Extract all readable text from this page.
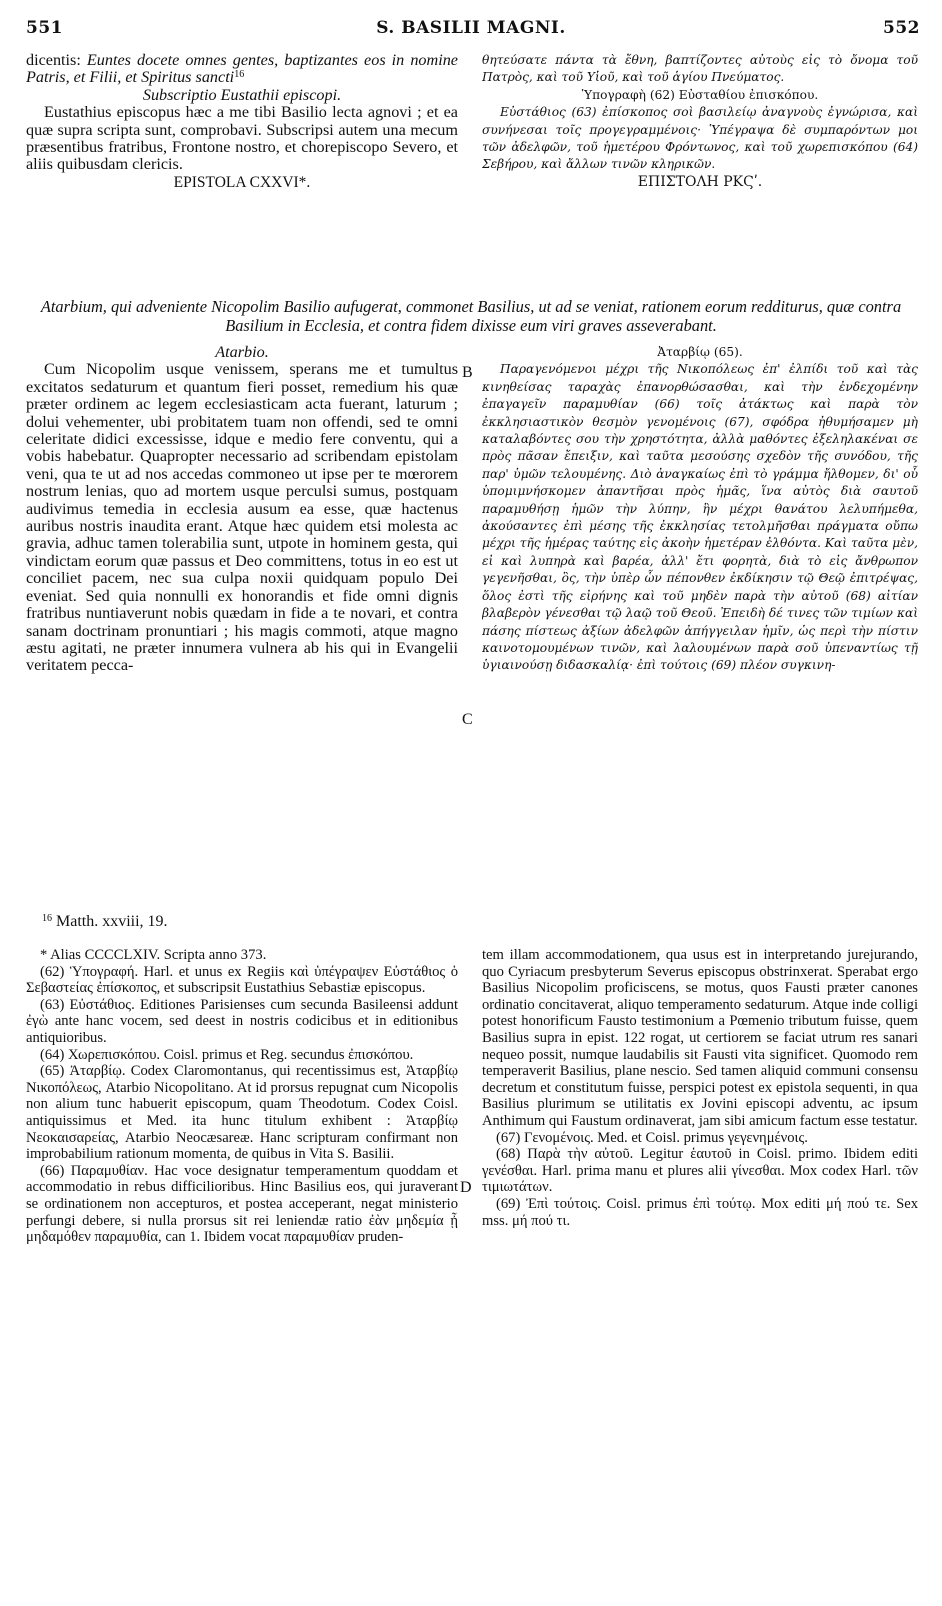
551	S. BASILII MAGNI.	552

dicentis: Euntes docete omnes gentes, baptizantes eos in nomine Patris, et Filii, et Spiritus sancti$^{16}$

Subscriptio Eustathii episcopi.

Eustathius episcopus hæc a me tibi Basilio lecta agnovi ; et ea quæ supra scripta sunt, comprobavi. Subscripsi autem una mecum præsentibus fratribus, Frontone nostro, et chorepiscopo Severo, et aliis quibusdam clericis.

EPISTOLA CXXVI*.

θητεύσατε πάντα τὰ ἔθνη, βαπτίζοντες αὐτοὺς εἰς τὸ ὄνομα τοῦ Πατρὸς, καὶ τοῦ Υἱοῦ, καὶ τοῦ ἁγίου Πνεύματος.

Ὑπογραφὴ (62) Εὐσταθίου ἐπισκόπου.

Εὐστάθιος (63) ἐπίσκοπος σοὶ βασιλείῳ ἀναγνοὺς ἐγνώρισα, καὶ συνήνεσαι τοῖς προγεγραμμένοις· Ὑπέγραψα δὲ συμπαρόντων μοι τῶν ἀδελφῶν, τοῦ ἡμετέρου Φρόντωνος, καὶ τοῦ χωρεπισκόπου (64) Σεβήρου, καὶ ἄλλων τινῶν κληρικῶν.

ΕΠΙΣΤΟΛΗ ΡΚϚʹ.

Atarbium, qui adveniente Nicopolim Basilio aufugerat, commonet Basilius, ut ad se veniat, rationem eorum redditurus, quæ contra Basilium in Ecclesia, et contra fidem dixisse eum viri graves asseverabant.

Atarbio.

Cum Nicopolim usque venissem, sperans me et tumultus excitatos sedaturum et quantum fieri posset, remedium his quæ præter ordinem ac legem ecclesiasticam acta fuerant, laturum ; dolui vehementer, ubi probitatem tuam non offendi, sed te omni celeritate didici excessisse, idque e medio fere conventu, qui a vobis habebatur. Quapropter necessario ad scribendam epistolam veni, qua te ut ad nos accedas commoneo ut ipse per te mœrorem nostrum lenias, quo ad mortem usque perculsi sumus, postquam audivimus temedia in ecclesia ausum ea esse, quæ hactenus auribus nostris inaudita erant. Atque hæc quidem etsi molesta ac gravia, adhuc tamen tolerabilia sunt, utpote in hominem gesta, qui vindictam eorum quæ passus et Deo committens, totus in eo est ut conciliet pacem, nec sua culpa noxii quidquam populo Dei eveniat. Sed quia nonnulli ex honorandis et fide omni dignis fratribus nuntiaverunt nobis quædam in fide a te novari, et contra sanam doctrinam pronuntiari ; his magis commoti, atque magno æstu agitati, ne præter innumera vulnera ab his qui in Evangelii veritatem pecca-

Ἀταρβίῳ (65).

Παραγενόμενοι μέχρι τῆς Νικοπόλεως ἐπ' ἐλπίδι τοῦ καὶ τὰς κινηθείσας ταραχὰς ἐπανορθώσασθαι, καὶ τὴν ἐνδεχομένην ἐπαγαγεῖν παραμυθίαν (66) τοῖς ἀτάκτως καὶ παρὰ τὸν ἐκκλησιαστικὸν θεσμὸν γενομένοις (67), σφόδρα ἠθυμήσαμεν μὴ καταλαβόντες σου τὴν χρηστότητα, ἀλλὰ μαθόντες ἐξεληλακέναι σε πρὸς πᾶσαν ἔπειξιν, καὶ ταῦτα μεσούσης σχεδὸν τῆς συνόδου, τῆς παρ' ὑμῶν τελουμένης. Διὸ ἀναγκαίως ἐπὶ τὸ γράμμα ἤλθομεν, δι' οὗ ὑπομιμνήσκομεν ἀπαντῆσαι πρὸς ἡμᾶς, ἵνα αὐτὸς διὰ σαυτοῦ παραμυθήσῃ ἡμῶν τὴν λύπην, ἣν μέχρι θανάτου λελυπήμεθα, ἀκούσαντες ἐπὶ μέσης τῆς ἐκκλησίας τετολμῆσθαι πράγματα οὔπω μέχρι τῆς ἡμέρας ταύτης εἰς ἀκοὴν ἡμετέραν ἐλθόντα. Καὶ ταῦτα μὲν, εἰ καὶ λυπηρὰ καὶ βαρέα, ἀλλ' ἔτι φορητὰ, διὰ τὸ εἰς ἄνθρωπον γεγενῆσθαι, ὃς, τὴν ὑπὲρ ὧν πέπονθεν ἐκδίκησιν τῷ Θεῷ ἐπιτρέψας, ὅλος ἐστὶ τῆς εἰρήνης καὶ τοῦ μηδὲν παρὰ τὴν αὐτοῦ (68) αἰτίαν βλαβερὸν γένεσθαι τῷ λαῷ τοῦ Θεοῦ. Ἐπειδὴ δέ τινες τῶν τιμίων καὶ πάσης πίστεως ἀξίων ἀδελφῶν ἀπήγγειλαν ἡμῖν, ὡς περὶ τὴν πίστιν καινοτομουμένων τινῶν, καὶ λαλουμένων παρὰ σοῦ ὑπεναντίως τῇ ὑγιαινούσῃ διδασκαλίᾳ· ἐπὶ τούτοις (69) πλέον συγκινη-

B
C
D
$^{16}$ Matth. xxviii, 19.

* Alias CCCCLXIV. Scripta anno 373.

(62) Ὑπογραφή. Harl. et unus ex Regiis καὶ ὑπέγραψεν Εὐστάθιος ὁ Σεβαστείας ἐπίσκοπος, et subscripsit Eustathius Sebastiæ episcopus.

(63) Εὐστάθιος. Editiones Parisienses cum secunda Basileensi addunt ἐγὼ ante hanc vocem, sed deest in nostris codicibus et in editionibus antiquioribus.

(64) Χωρεπισκόπου. Coisl. primus et Reg. secundus ἐπισκόπου.

(65) Ἀταρβίῳ. Codex Claromontanus, qui recentissimus est, Ἀταρβίῳ Νικοπόλεως, Atarbio Nicopolitano. At id prorsus repugnat cum Nicopolis non alium tunc habuerit episcopum, quam Theodotum. Codex Coisl. antiquissimus et Med. ita hunc titulum exhibent : Ἀταρβίῳ Νεοκαισαρείας, Atarbio Neocæsareæ. Hanc scripturam confirmant non improbabilium rationum momenta, de quibus in Vita S. Basilii.

(66) Παραμυθίαν. Hac voce designatur temperamentum quoddam et accommodatio in rebus difficilioribus. Hinc Basilius eos, qui juraverant se ordinationem non accepturos, et postea acceperant, negat ministerio perfungi debere, si nulla prorsus sit rei leniendæ ratio ἐὰν μηδεμία ᾖ μηδαμόθεν παραμυθία, can 1. Ibidem vocat παραμυθίαν pruden-

tem illam accommodationem, qua usus est in interpretando jurejurando, quo Cyriacum presbyterum Severus episcopus obstrinxerat. Sperabat ergo Basilius Nicopolim proficiscens, se motus, quos Fausti præter canones ordinatio concitaverat, aliquo temperamento sedaturum. Atque inde colligi potest honorificum Fausto testimonium a Pœmenio tributum fuisse, quem Basilius supra in epist. 122 rogat, ut certiorem se faciat utrum res sanari nequeo possit, numque laudabilis sit Fausti vita significet. Quomodo rem temperaverit Basilius, plane nescio. Sed tamen aliquid communi consensu decretum et constitutum fuisse, perspici potest ex epistola sequenti, in qua Basilius plurimum se utilitatis ex Jovini episcopi adventu, ac ipsum Anthimum qui Faustum ordinaverat, jam sibi amicum factum esse testatur.

(67) Γενομένοις. Med. et Coisl. primus γεγενημένοις.

(68) Παρὰ τὴν αὐτοῦ. Legitur ἑαυτοῦ in Coisl. primo. Ibidem editi γενέσθαι. Harl. prima manu et plures alii γίνεσθαι. Mox codex Harl. τῶν τιμιωτάτων.

(69) Ἐπὶ τούτοις. Coisl. primus ἐπὶ τούτῳ. Mox editi μή πού τε. Sex mss. μή πού τι.
